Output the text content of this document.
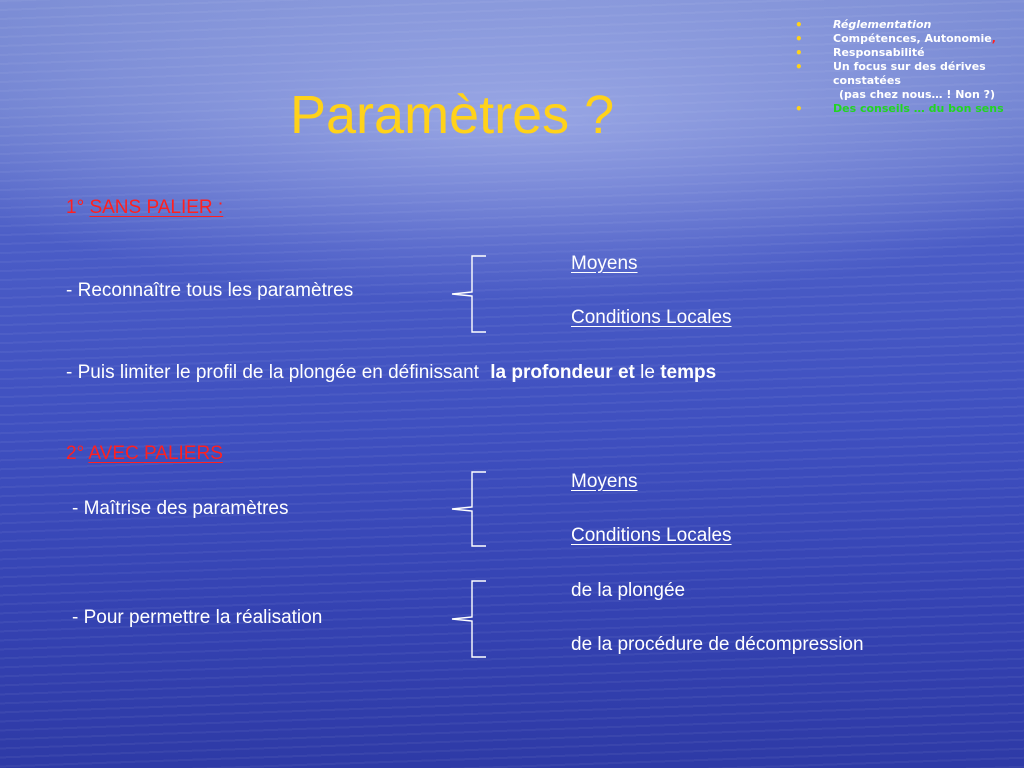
Paramètres ?
•	Réglementation
•	Compétences, Autonomie,
•	Responsabilité
•	Un focus sur des dérives constatées
(pas chez nous… ! Non ?)
•	Des conseils … du bon sens
1° SANS PALIER :
- Reconnaître tous les paramètres
Moyens
Conditions Locales
- Puis limiter le profil de la plongée en définissant la profondeur et le temps
2° AVEC PALIERS
Moyens
- Maîtrise des paramètres
Conditions Locales
de la plongée
- Pour permettre la réalisation
de la procédure de décompression
